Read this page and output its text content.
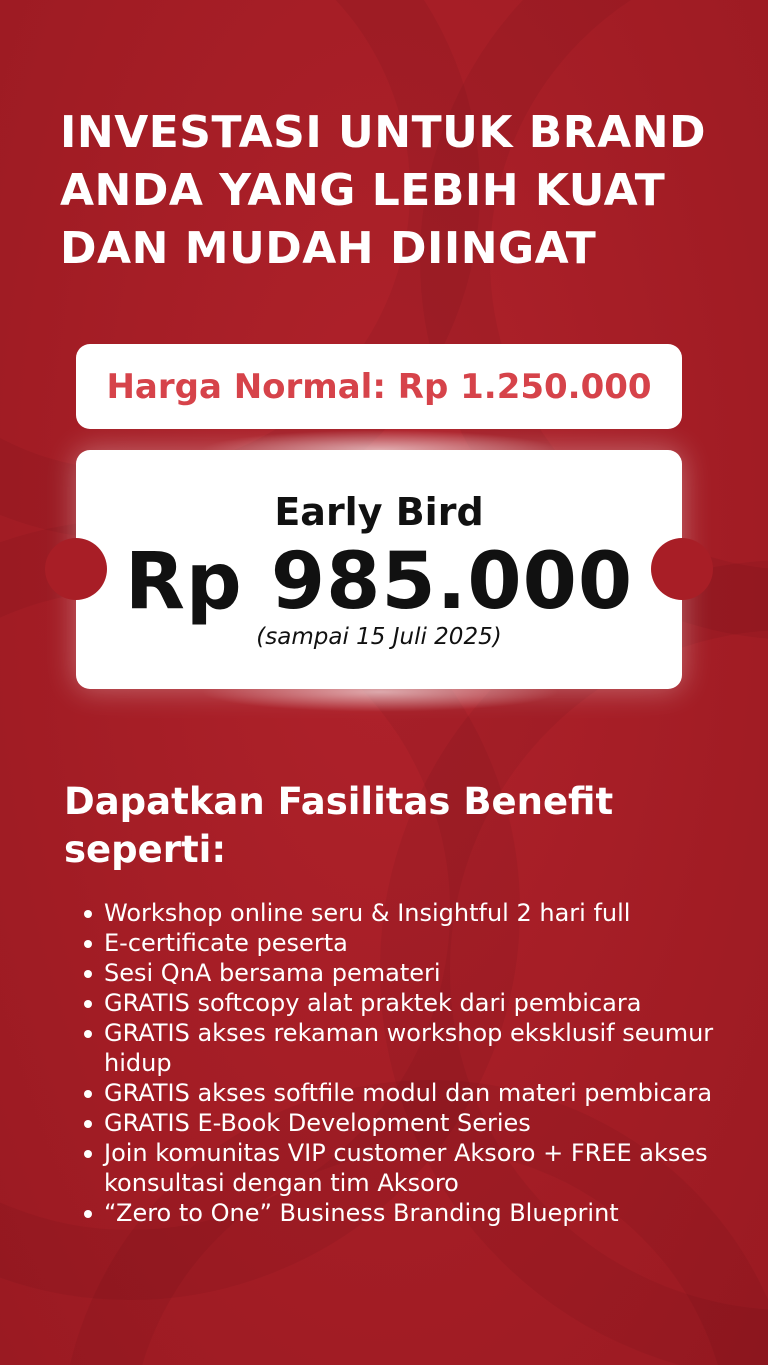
INVESTASI UNTUK BRAND
ANDA YANG LEBIH KUAT
DAN MUDAH DIINGAT
Harga Normal: Rp 1.250.000
Early Bird
Rp 985.000
(sampai 15 Juli 2025)
Dapatkan Fasilitas Benefit seperti:
Workshop online seru & Insightful 2 hari full
E-certificate peserta
Sesi QnA bersama pemateri
GRATIS softcopy alat praktek dari pembicara
GRATIS akses rekaman workshop eksklusif seumur hidup
GRATIS akses softfile modul dan materi pembicara
GRATIS E-Book Development Series
Join komunitas VIP customer Aksoro + FREE akses konsultasi dengan tim Aksoro
“Zero to One” Business Branding Blueprint
